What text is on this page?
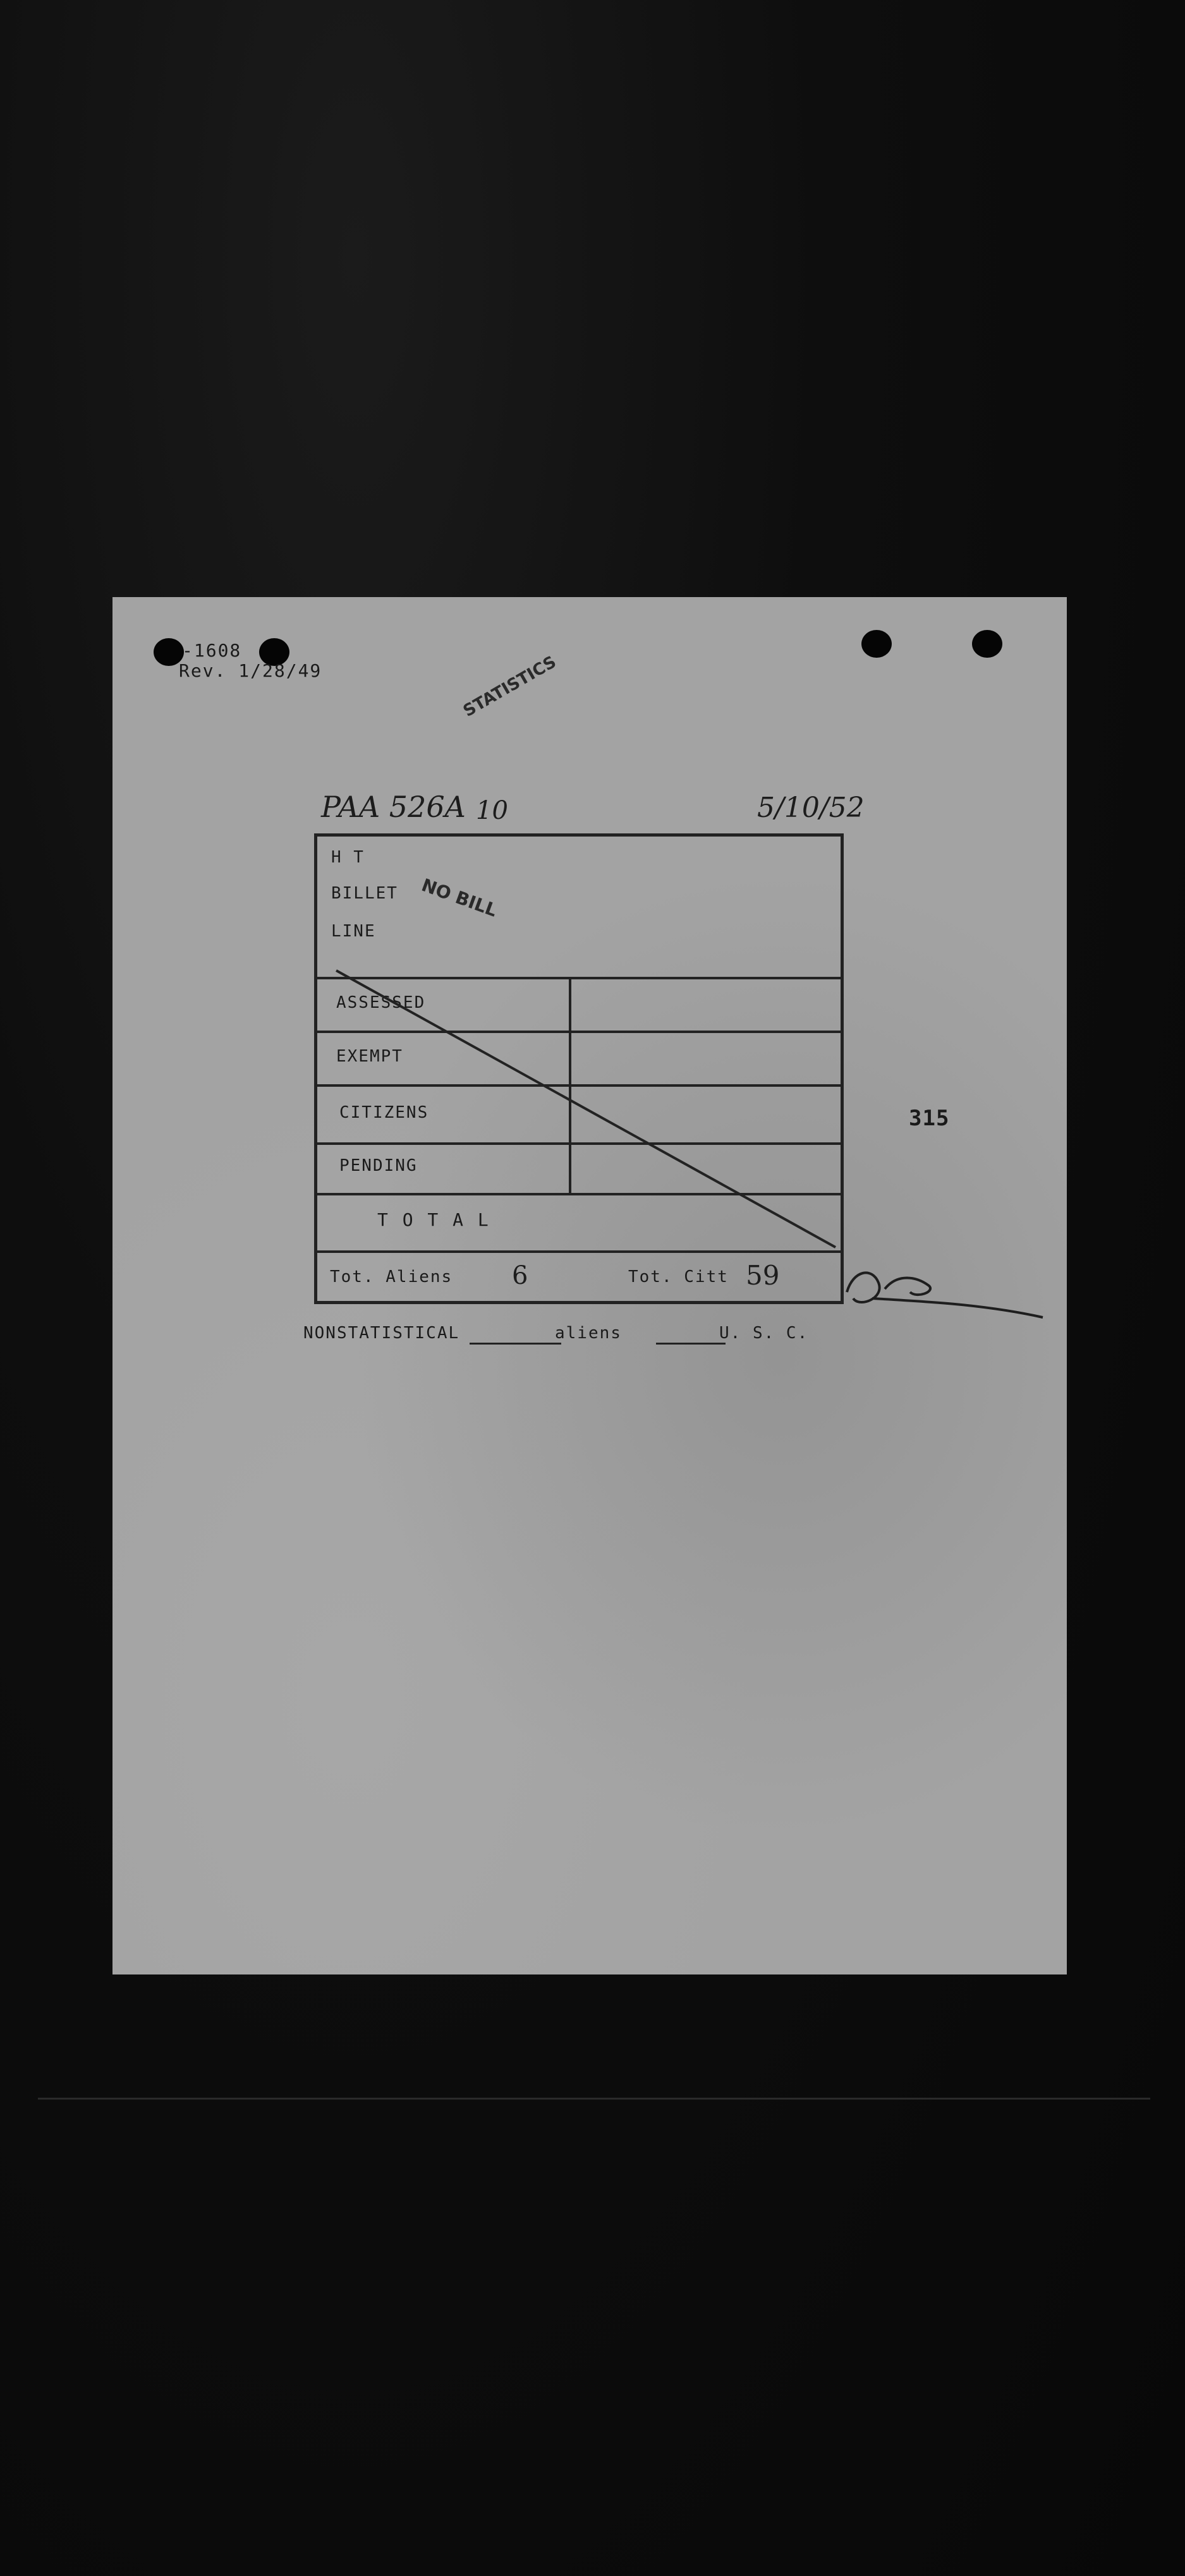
-1608
Rev. 1/28/49	STATISTICS
PAA 526A 10	5/10/52
315
NONSTATISTICAL	aliens	U. S. C.
H T
BILLET
LINE
NO BILL
ASSESSED
EXEMPT
CITIZENS
PENDING
T O T A L
Tot. Aliens 6	Tot. Citt 59
